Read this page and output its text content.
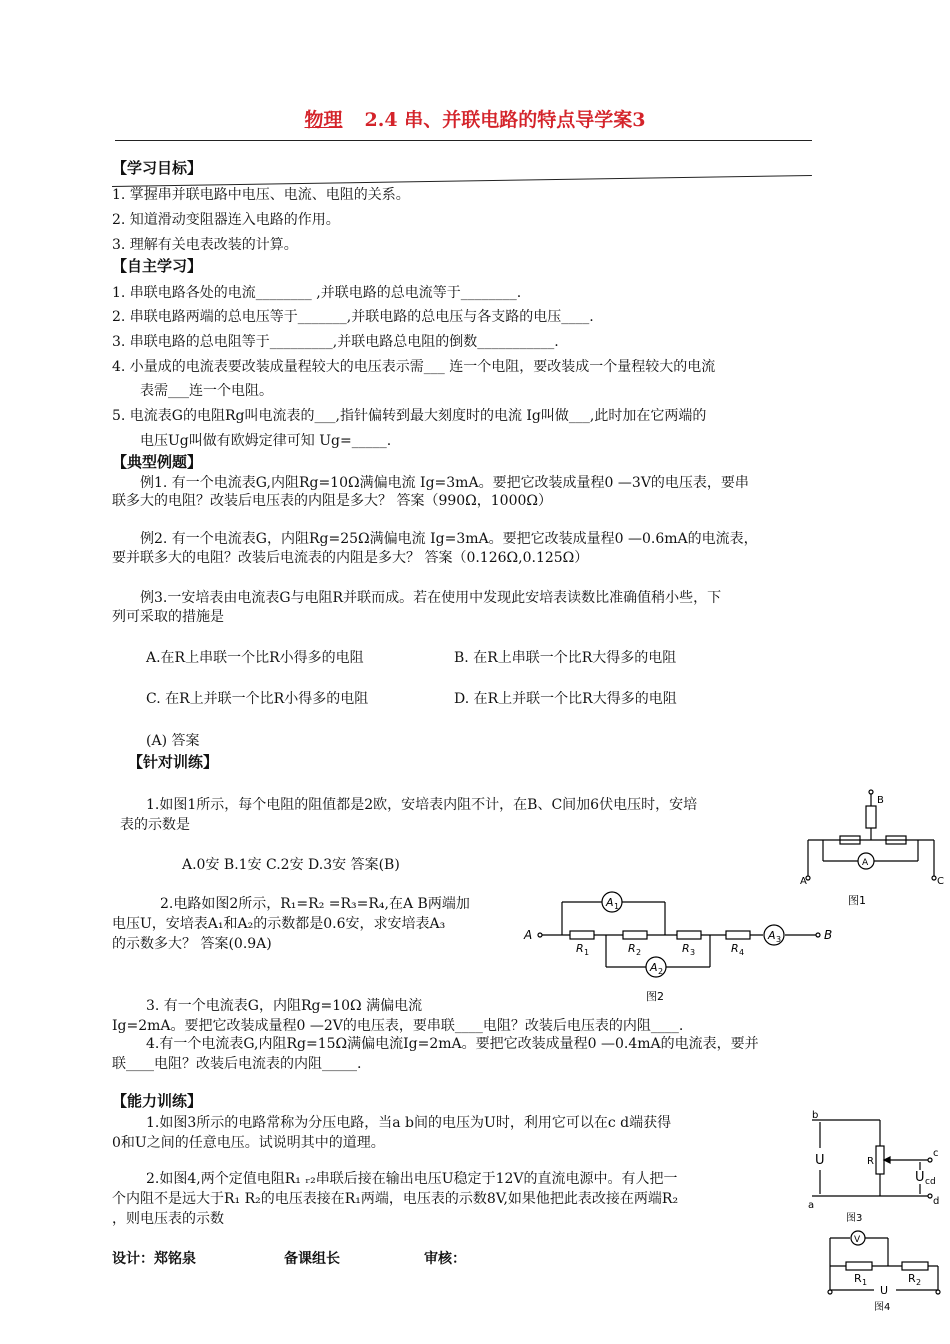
物理 2.4 串、并联电路的特点导学案3
【学习目标】
1. 掌握串并联电路中电压、电流、电阻的关系。
2. 知道滑动变阻器连入电路的作用。
3. 理解有关电表改装的计算。
【自主学习】
1. 串联电路各处的电流________ ,并联电路的总电流等于________.
2. 串联电路两端的总电压等于_______,并联电路的总电压与各支路的电压____.
3. 串联电路的总电阻等于_________,并联电路总电阻的倒数___________.
4. 小量成的电流表要改装成量程较大的电压表示需___ 连一个电阻，要改装成一个量程较大的电流
表需___连一个电阻。
5. 电流表G的电阻Rg叫电流表的___,指针偏转到最大刻度时的电流 Ig叫做___,此时加在它两端的
电压Ug叫做有欧姆定律可知 Ug=_____.
【典型例题】
例1. 有一个电流表G,内阻Rg=10Ω满偏电流 Ig=3mA。要把它改装成量程0 —3V的电压表，要串
联多大的电阻？改装后电压表的内阻是多大？ 答案（990Ω，1000Ω）
例2. 有一个电流表G，内阻Rg=25Ω满偏电流 Ig=3mA。要把它改装成量程0 —0.6mA的电流表，
要并联多大的电阻？改装后电流表的内阻是多大？ 答案（0.126Ω,0.125Ω）
例3.一安培表由电流表G与电阻R并联而成。若在使用中发现此安培表读数比准确值稍小些，下
列可采取的措施是
A.在R上串联一个比R小得多的电阻	B. 在R上串联一个比R大得多的电阻
C. 在R上并联一个比R小得多的电阻	D. 在R上并联一个比R大得多的电阻
(A) 答案
【针对训练】
1.如图1所示，每个电阻的阻值都是2欧，安培表内阻不计，在B、C间加6伏电压时，安培
表的示数是
A.0安 B.1安 C.2安 D.3安 答案(B)
2.电路如图2所示，R₁=R₂ =R₃=R₄,在A B两端加
电压U，安培表A₁和A₂的示数都是0.6安，求安培表A₃
的示数多大？ 答案(0.9A)
3. 有一个电流表G，内阻Rg=10Ω 满偏电流
Ig=2mA。要把它改装成量程0 —2V的电压表，要串联____电阻？改装后电压表的内阻____.
4.有一个电流表G,内阻Rg=15Ω满偏电流Ig=2mA。要把它改装成量程0 —0.4mA的电流表，要并
联____电阻？改装后电流表的内阻_____.
【能力训练】
1.如图3所示的电路常称为分压电路，当a b间的电压为U时，利用它可以在c d端获得
0和U之间的任意电压。试说明其中的道理。
2.如图4,两个定值电阻R₁ ᵣ₂串联后接在输出电压U稳定于12V的直流电源中。有人把一
个内阻不是远大于R₁ R₂的电压表接在R₁两端，电压表的示数8V,如果他把此表改接在两端R₂
，则电压表的示数
设计：郑铭泉	备课组长	审核：
B
A
A	C
图1
A 1
A 2
A 3
R 1	R 2	R 3	R 4
A	B
图2
b
a
c
d
R
U
U cd
图3
V
R 1	R 2
U
图4
